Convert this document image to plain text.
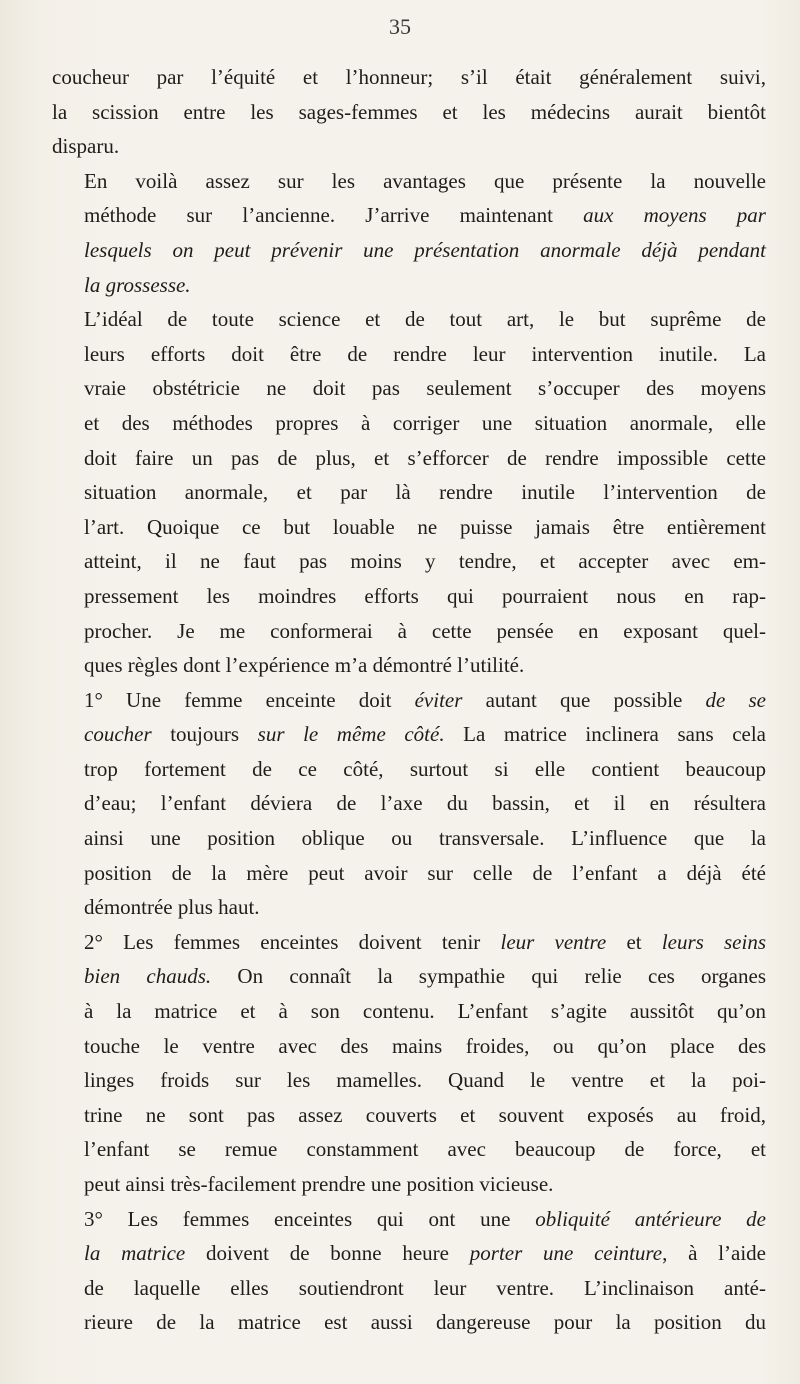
35

coucheur par l’équité et l’honneur; s’il était généralement suivi,
la scission entre les sages-femmes et les médecins aurait bientôt
disparu.

En voilà assez sur les avantages que présente la nouvelle
méthode sur l’ancienne. J’arrive maintenant aux moyens par
lesquels on peut prévenir une présentation anormale déjà pendant
la grossesse.

L’idéal de toute science et de tout art, le but suprême de
leurs efforts doit être de rendre leur intervention inutile. La
vraie obstétricie ne doit pas seulement s’occuper des moyens
et des méthodes propres à corriger une situation anormale, elle
doit faire un pas de plus, et s’efforcer de rendre impossible cette
situation anormale, et par là rendre inutile l’intervention de
l’art. Quoique ce but louable ne puisse jamais être entièrement
atteint, il ne faut pas moins y tendre, et accepter avec em-
pressement les moindres efforts qui pourraient nous en rap-
procher. Je me conformerai à cette pensée en exposant quel-
ques règles dont l’expérience m’a démontré l’utilité.

1° Une femme enceinte doit éviter autant que possible de se
coucher toujours sur le même côté. La matrice inclinera sans cela
trop fortement de ce côté, surtout si elle contient beaucoup
d’eau; l’enfant déviera de l’axe du bassin, et il en résultera
ainsi une position oblique ou transversale. L’influence que la
position de la mère peut avoir sur celle de l’enfant a déjà été
démontrée plus haut.

2° Les femmes enceintes doivent tenir leur ventre et leurs seins
bien chauds. On connaît la sympathie qui relie ces organes
à la matrice et à son contenu. L’enfant s’agite aussitôt qu’on
touche le ventre avec des mains froides, ou qu’on place des
linges froids sur les mamelles. Quand le ventre et la poi-
trine ne sont pas assez couverts et souvent exposés au froid,
l’enfant se remue constamment avec beaucoup de force, et
peut ainsi très-facilement prendre une position vicieuse.

3° Les femmes enceintes qui ont une obliquité antérieure de
la matrice doivent de bonne heure porter une ceinture, à l’aide
de laquelle elles soutiendront leur ventre. L’inclinaison anté-
rieure de la matrice est aussi dangereuse pour la position du
